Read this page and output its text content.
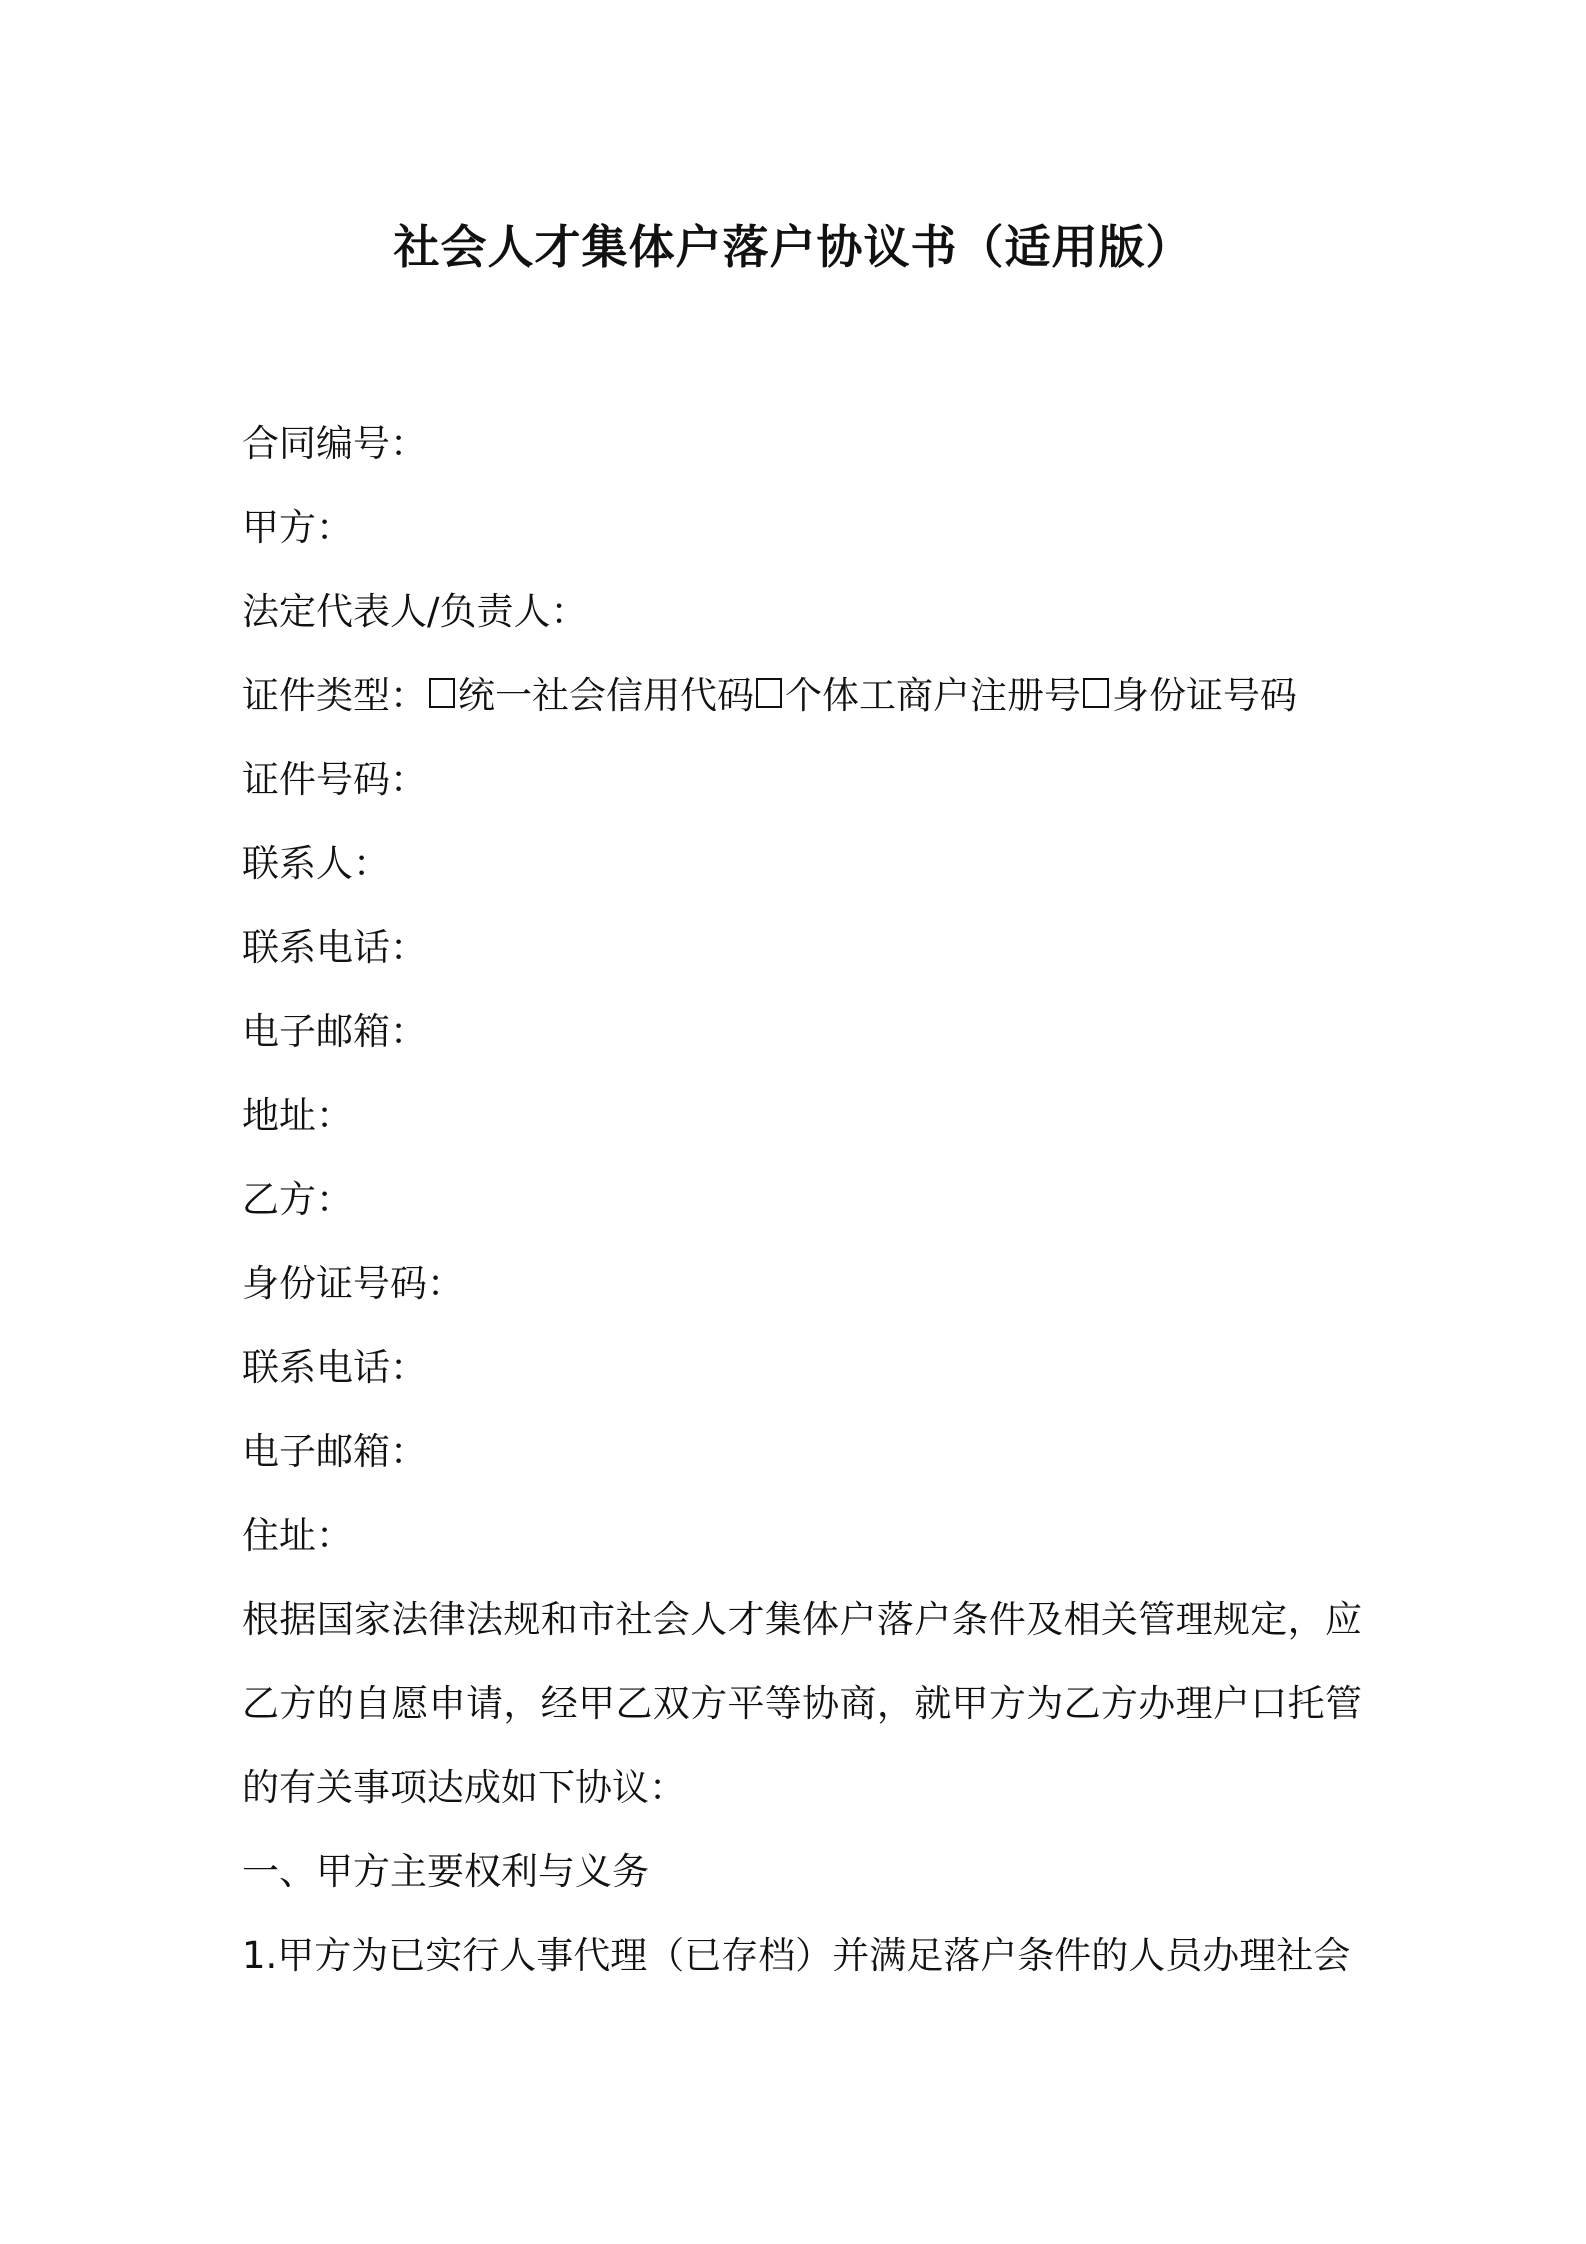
社会人才集体户落户协议书（适用版）

合同编号：

甲方：

法定代表人/负责人：

证件类型： 统一社会信用代码 个体工商户注册号 身份证号码

证件号码：

联系人：

联系电话：

电子邮箱：

地址：

乙方：

身份证号码：

联系电话：

电子邮箱：

住址：

根据国家法律法规和市社会人才集体户落户条件及相关管理规定，应乙方的自愿申请，经甲乙双方平等协商，就甲方为乙方办理户口托管的有关事项达成如下协议：

一、甲方主要权利与义务

1.甲方为已实行人事代理（已存档）并满足落户条件的人员办理社会
